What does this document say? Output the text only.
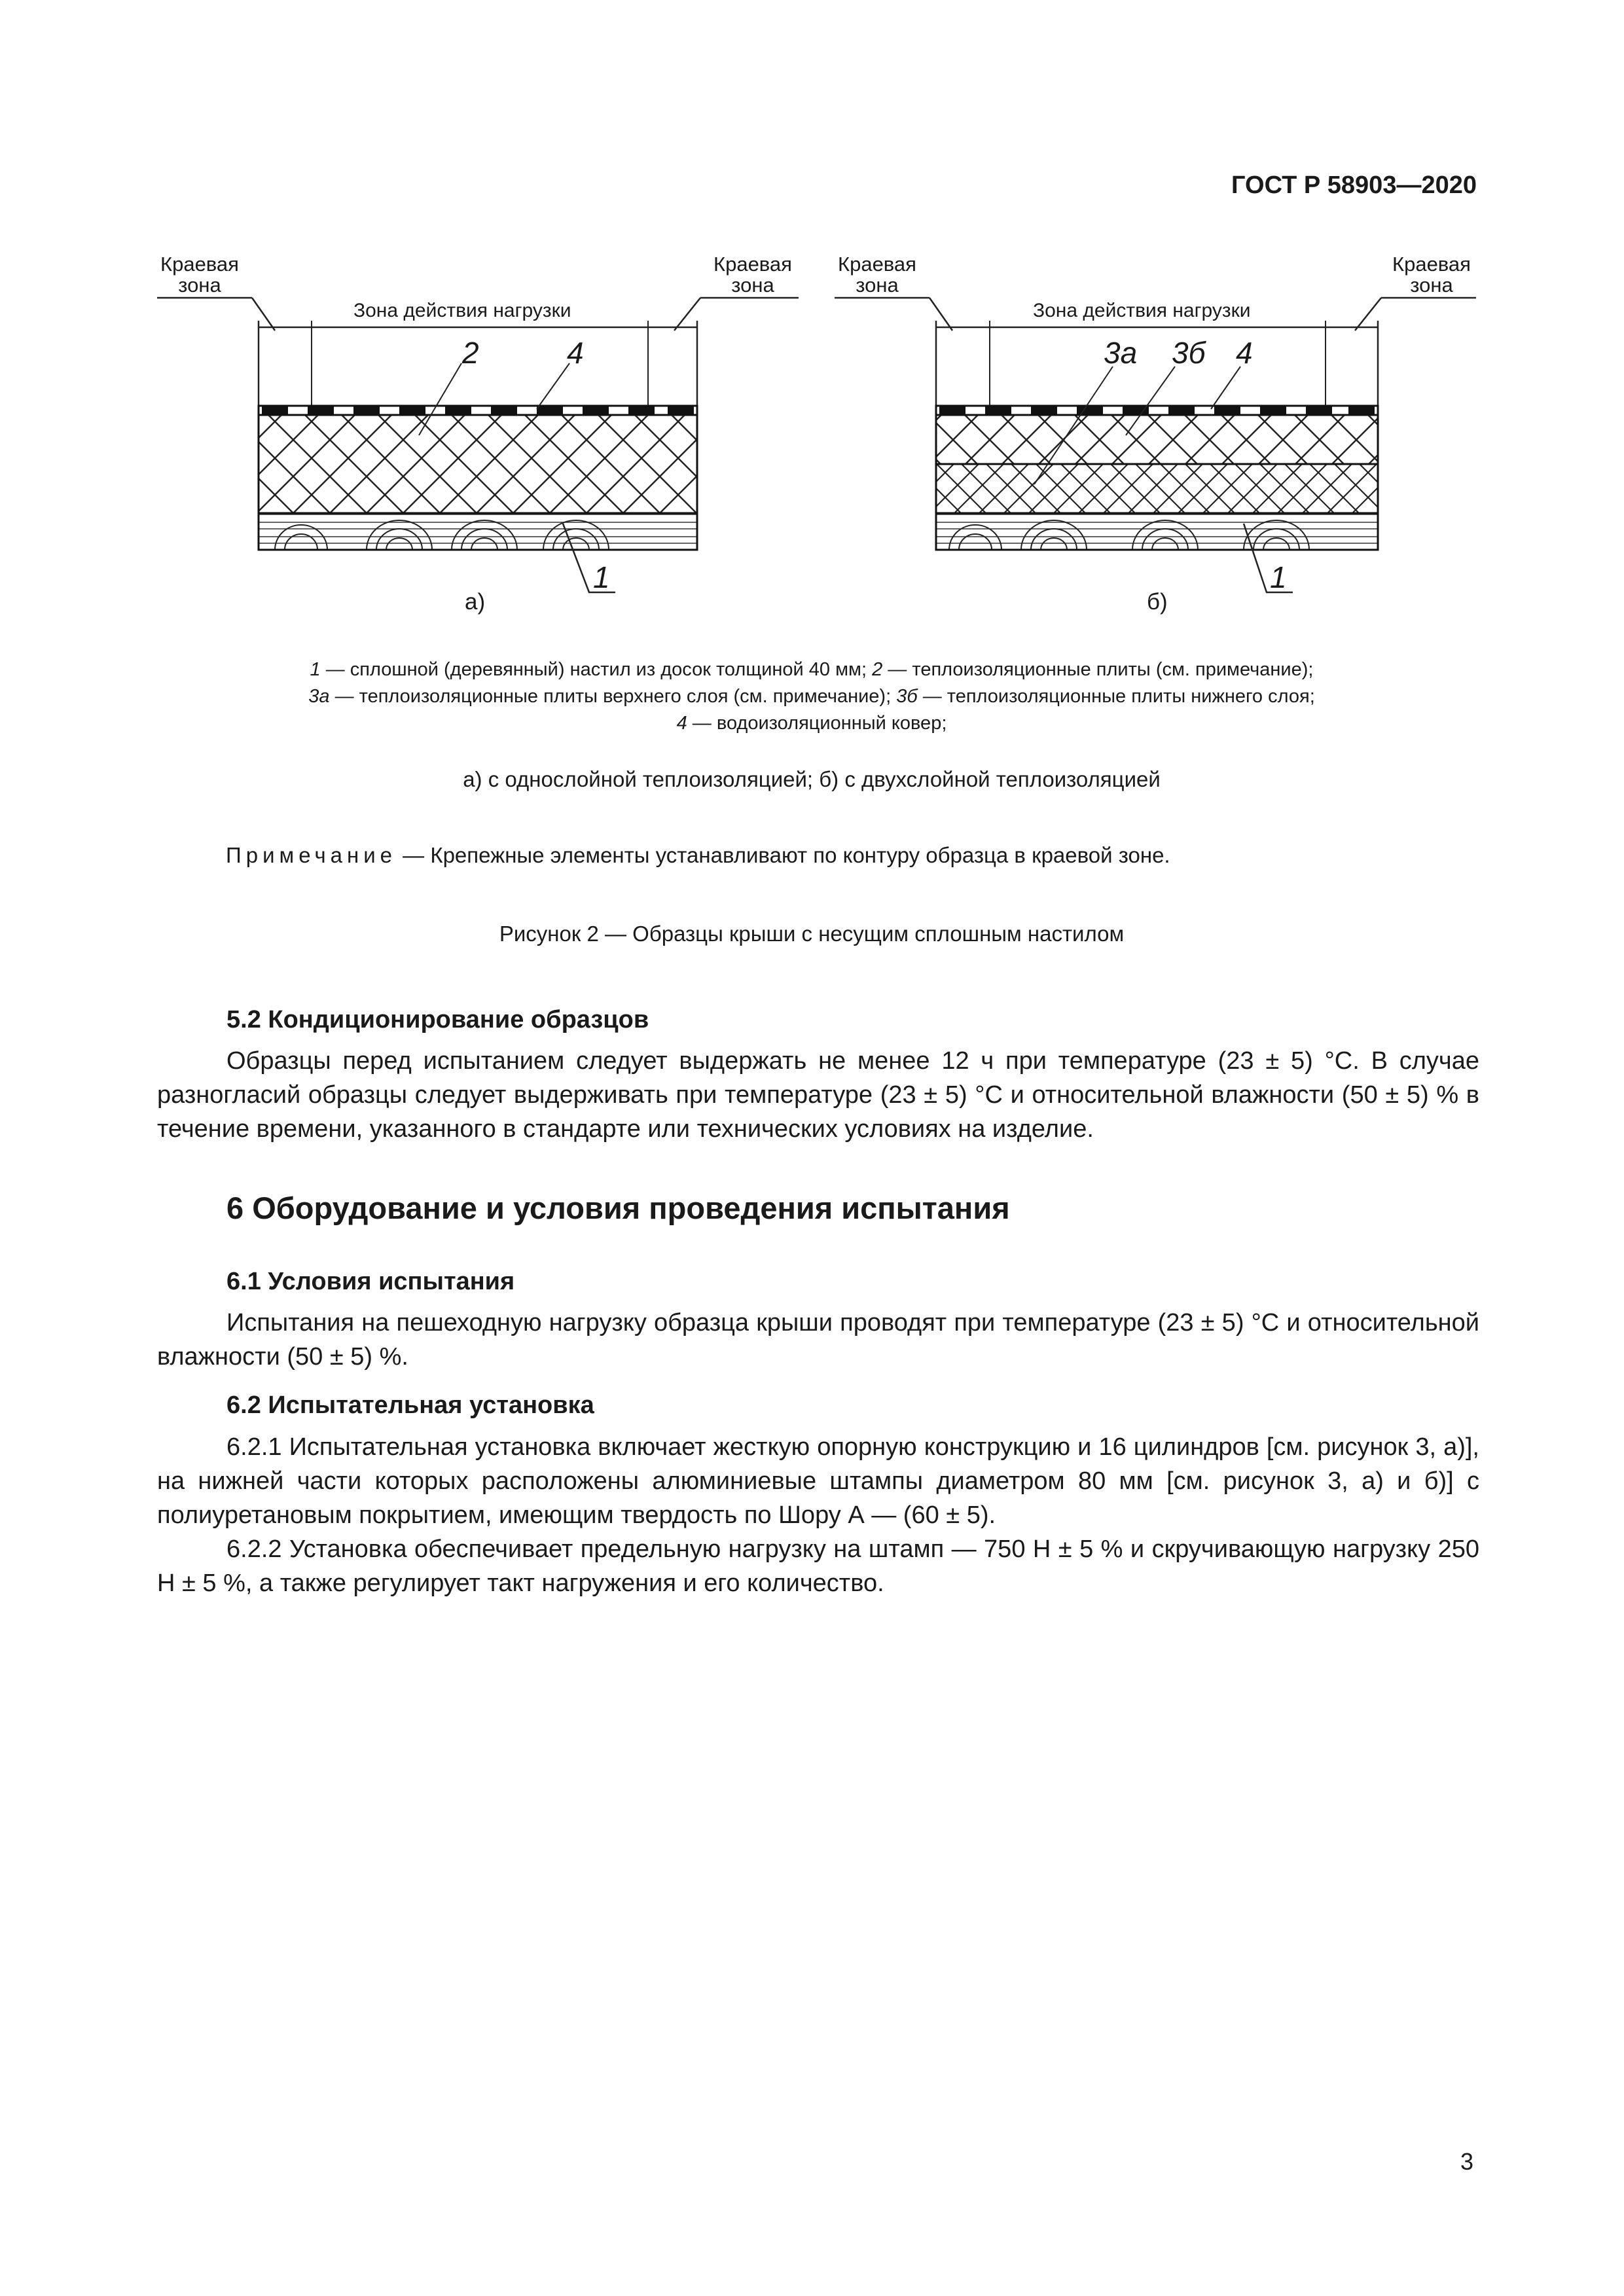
ГОСТ Р 58903—2020
Краевая
зона
Краевая
зона
Зона действия нагрузки
2	4
1
а)
Краевая
зона
Краевая
зона
Зона действия нагрузки
3а 3б 4
1
б)
1 — сплошной (деревянный) настил из досок толщиной 40 мм; 2 — теплоизоляционные плиты (см. примечание);
3а — теплоизоляционные плиты верхнего слоя (см. примечание); 3б — теплоизоляционные плиты нижнего слоя;
4 — водоизоляционный ковер;
а) с однослойной теплоизоляцией; б) с двухслойной теплоизоляцией
Примечание — Крепежные элементы устанавливают по контуру образца в краевой зоне.
Рисунок 2 — Образцы крыши с несущим сплошным настилом
5.2 Кондиционирование образцов
Образцы перед испытанием следует выдержать не менее 12 ч при температуре (23 ± 5) °С. В случае разногласий образцы следует выдерживать при температуре (23 ± 5) °С и относительной влажности (50 ± 5) % в течение времени, указанного в стандарте или технических условиях на изделие.
6 Оборудование и условия проведения испытания
6.1 Условия испытания
Испытания на пешеходную нагрузку образца крыши проводят при температуре (23 ± 5) °С и относительной влажности (50 ± 5) %.
6.2 Испытательная установка
6.2.1 Испытательная установка включает жесткую опорную конструкцию и 16 цилиндров [см. рисунок 3, а)], на нижней части которых расположены алюминиевые штампы диаметром 80 мм [см. рисунок 3, а) и б)] с полиуретановым покрытием, имеющим твердость по Шору А — (60 ± 5).
6.2.2 Установка обеспечивает предельную нагрузку на штамп — 750 Н ± 5 % и скручивающую нагрузку 250 Н ± 5 %, а также регулирует такт нагружения и его количество.
3
